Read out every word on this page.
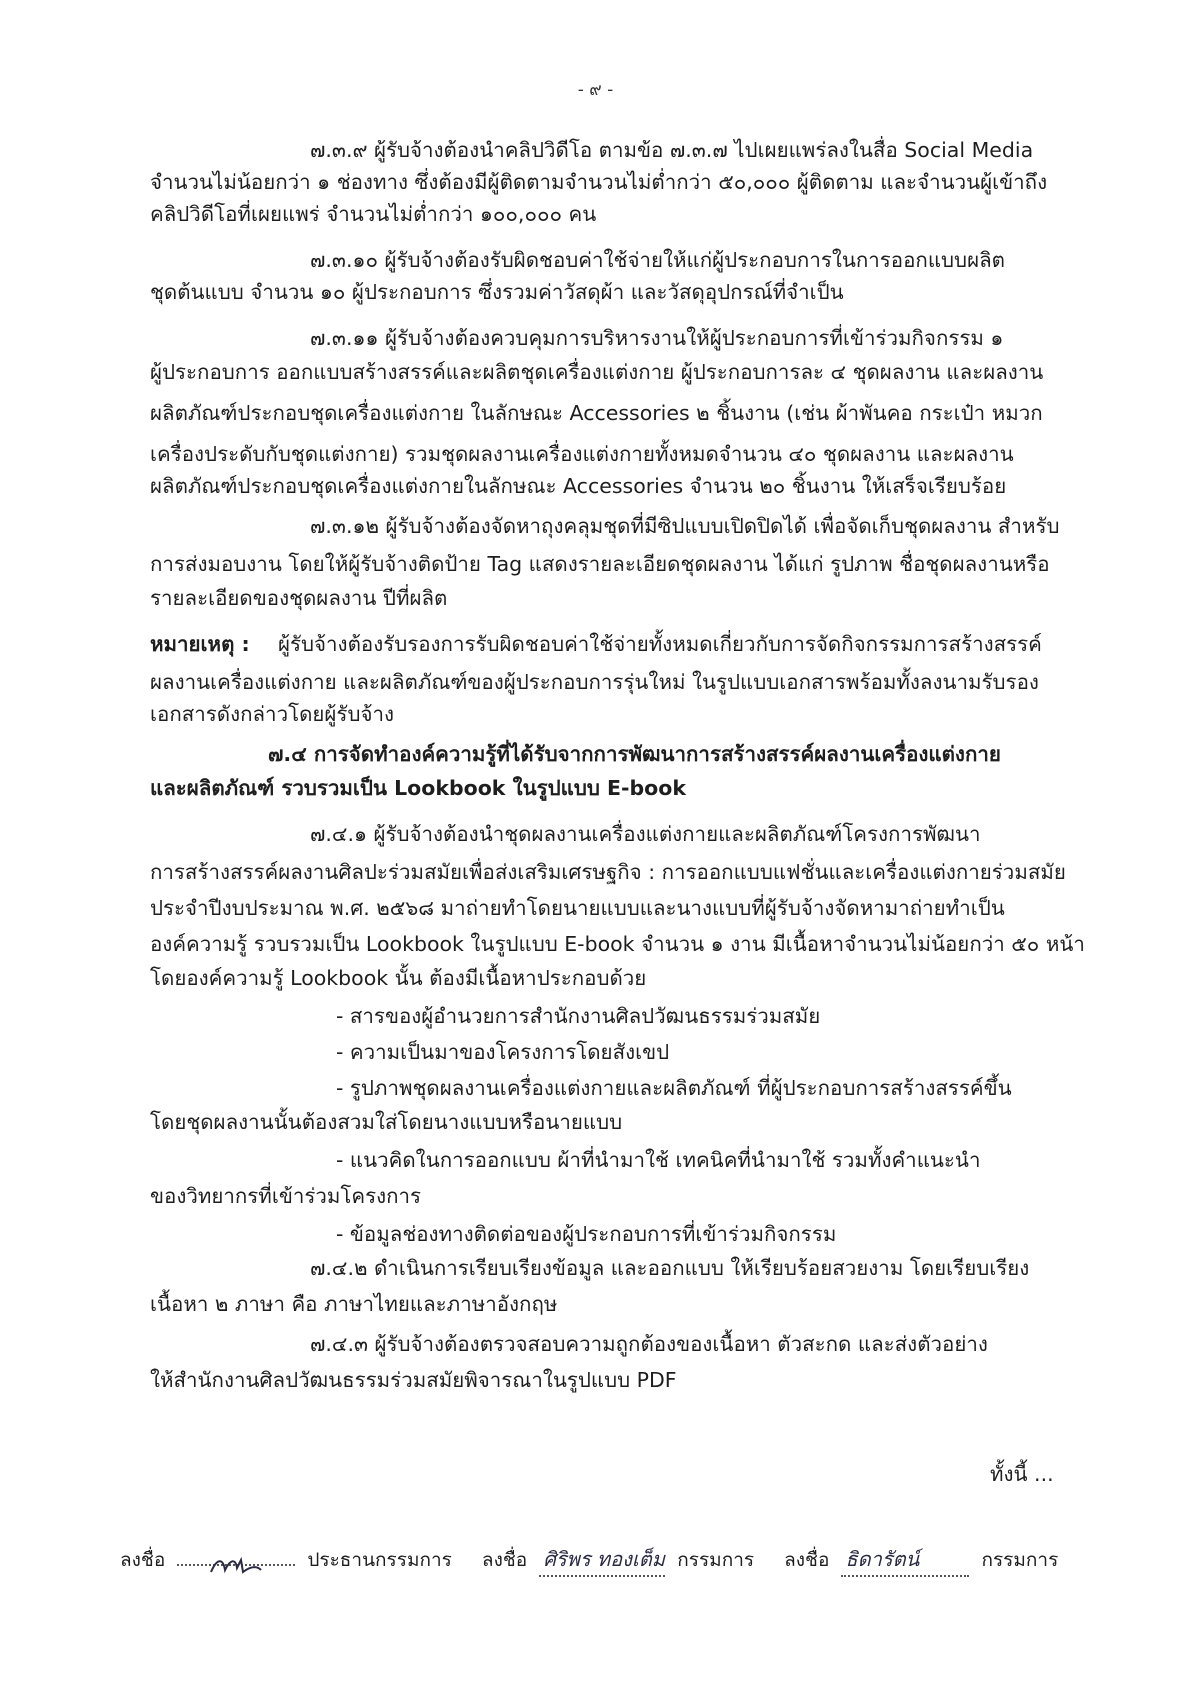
- ๙ -
๗.๓.๙ ผู้รับจ้างต้องนำคลิปวิดีโอ ตามข้อ ๗.๓.๗ ไปเผยแพร่ลงในสื่อ Social Media
จำนวนไม่น้อยกว่า ๑ ช่องทาง ซึ่งต้องมีผู้ติดตามจำนวนไม่ต่ำกว่า ๕๐,๐๐๐ ผู้ติดตาม และจำนวนผู้เข้าถึง
คลิปวิดีโอที่เผยแพร่ จำนวนไม่ต่ำกว่า ๑๐๐,๐๐๐ คน
๗.๓.๑๐ ผู้รับจ้างต้องรับผิดชอบค่าใช้จ่ายให้แก่ผู้ประกอบการในการออกแบบผลิต
ชุดต้นแบบ จำนวน ๑๐ ผู้ประกอบการ ซึ่งรวมค่าวัสดุผ้า และวัสดุอุปกรณ์ที่จำเป็น
๗.๓.๑๑ ผู้รับจ้างต้องควบคุมการบริหารงานให้ผู้ประกอบการที่เข้าร่วมกิจกรรม ๑
ผู้ประกอบการ ออกแบบสร้างสรรค์และผลิตชุดเครื่องแต่งกาย ผู้ประกอบการละ ๔ ชุดผลงาน และผลงาน
ผลิตภัณฑ์ประกอบชุดเครื่องแต่งกาย ในลักษณะ Accessories ๒ ชิ้นงาน (เช่น ผ้าพันคอ กระเป๋า หมวก
เครื่องประดับกับชุดแต่งกาย) รวมชุดผลงานเครื่องแต่งกายทั้งหมดจำนวน ๔๐ ชุดผลงาน และผลงาน
ผลิตภัณฑ์ประกอบชุดเครื่องแต่งกายในลักษณะ Accessories จำนวน ๒๐ ชิ้นงาน ให้เสร็จเรียบร้อย
๗.๓.๑๒ ผู้รับจ้างต้องจัดหาถุงคลุมชุดที่มีซิปแบบเปิดปิดได้ เพื่อจัดเก็บชุดผลงาน สำหรับ
การส่งมอบงาน โดยให้ผู้รับจ้างติดป้าย Tag แสดงรายละเอียดชุดผลงาน ได้แก่ รูปภาพ ชื่อชุดผลงานหรือ
รายละเอียดของชุดผลงาน ปีที่ผลิต
หมายเหตุ : ผู้รับจ้างต้องรับรองการรับผิดชอบค่าใช้จ่ายทั้งหมดเกี่ยวกับการจัดกิจกรรมการสร้างสรรค์
ผลงานเครื่องแต่งกาย และผลิตภัณฑ์ของผู้ประกอบการรุ่นใหม่ ในรูปแบบเอกสารพร้อมทั้งลงนามรับรอง
เอกสารดังกล่าวโดยผู้รับจ้าง
๗.๔ การจัดทำองค์ความรู้ที่ได้รับจากการพัฒนาการสร้างสรรค์ผลงานเครื่องแต่งกาย
และผลิตภัณฑ์ รวบรวมเป็น Lookbook ในรูปแบบ E-book
๗.๔.๑ ผู้รับจ้างต้องนำชุดผลงานเครื่องแต่งกายและผลิตภัณฑ์โครงการพัฒนา
การสร้างสรรค์ผลงานศิลปะร่วมสมัยเพื่อส่งเสริมเศรษฐกิจ : การออกแบบแฟชั่นและเครื่องแต่งกายร่วมสมัย
ประจำปีงบประมาณ พ.ศ. ๒๕๖๘ มาถ่ายทำโดยนายแบบและนางแบบที่ผู้รับจ้างจัดหามาถ่ายทำเป็น
องค์ความรู้ รวบรวมเป็น Lookbook ในรูปแบบ E-book จำนวน ๑ งาน มีเนื้อหาจำนวนไม่น้อยกว่า ๕๐ หน้า
โดยองค์ความรู้ Lookbook นั้น ต้องมีเนื้อหาประกอบด้วย
- สารของผู้อำนวยการสำนักงานศิลปวัฒนธรรมร่วมสมัย
- ความเป็นมาของโครงการโดยสังเขป
- รูปภาพชุดผลงานเครื่องแต่งกายและผลิตภัณฑ์ ที่ผู้ประกอบการสร้างสรรค์ขึ้น
โดยชุดผลงานนั้นต้องสวมใส่โดยนางแบบหรือนายแบบ
- แนวคิดในการออกแบบ ผ้าที่นำมาใช้ เทคนิคที่นำมาใช้ รวมทั้งคำแนะนำ
ของวิทยากรที่เข้าร่วมโครงการ
- ข้อมูลช่องทางติดต่อของผู้ประกอบการที่เข้าร่วมกิจกรรม
๗.๔.๒ ดำเนินการเรียบเรียงข้อมูล และออกแบบ ให้เรียบร้อยสวยงาม โดยเรียบเรียง
เนื้อหา ๒ ภาษา คือ ภาษาไทยและภาษาอังกฤษ
๗.๔.๓ ผู้รับจ้างต้องตรวจสอบความถูกต้องของเนื้อหา ตัวสะกด และส่งตัวอย่าง
ให้สำนักงานศิลปวัฒนธรรมร่วมสมัยพิจารณาในรูปแบบ PDF
ทั้งนี้ ...
ลงชื่อ	ประธานกรรมการ ลงชื่อ ศิริพร ทองเต็ม กรรมการ ลงชื่อ ธิดารัตน์	กรรมการ
